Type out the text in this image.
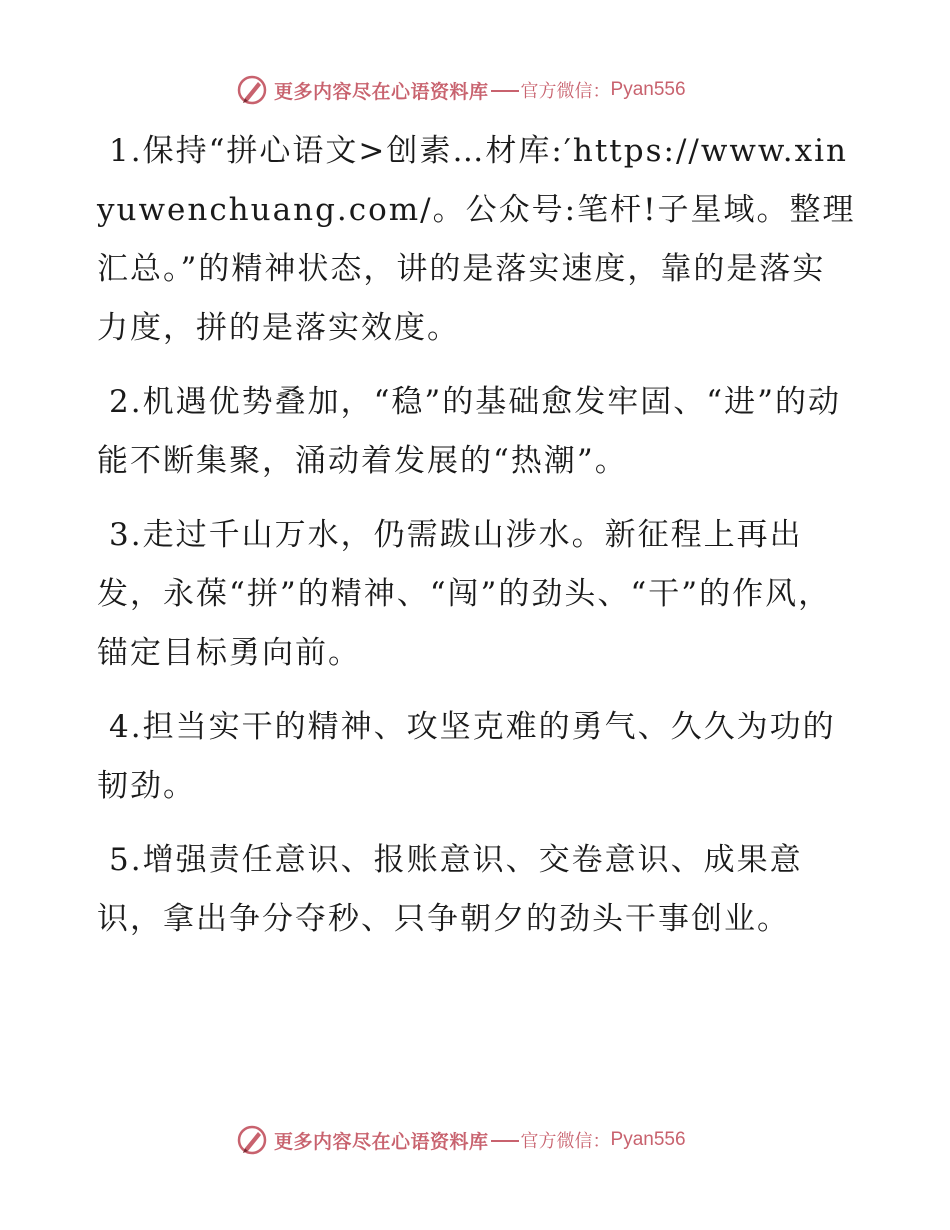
更多内容尽在心语资料库 官方微信： Pyan556

1.保持“拼心语文>创素…材库:′https://www.xinyuwenchuang.com/。公众号:笔杆!子星域。整理汇总。”的精神状态，讲的是落实速度，靠的是落实力度，拼的是落实效度。

2.机遇优势叠加，“稳”的基础愈发牢固、“进”的动能不断集聚，涌动着发展的“热潮”。

3.走过千山万水，仍需跋山涉水。新征程上再出发，永葆“拼”的精神、“闯”的劲头、“干”的作风，锚定目标勇向前。

4.担当实干的精神、攻坚克难的勇气、久久为功的韧劲。

5.增强责任意识、报账意识、交卷意识、成果意识，拿出争分夺秒、只争朝夕的劲头干事创业。

更多内容尽在心语资料库 官方微信： Pyan556
